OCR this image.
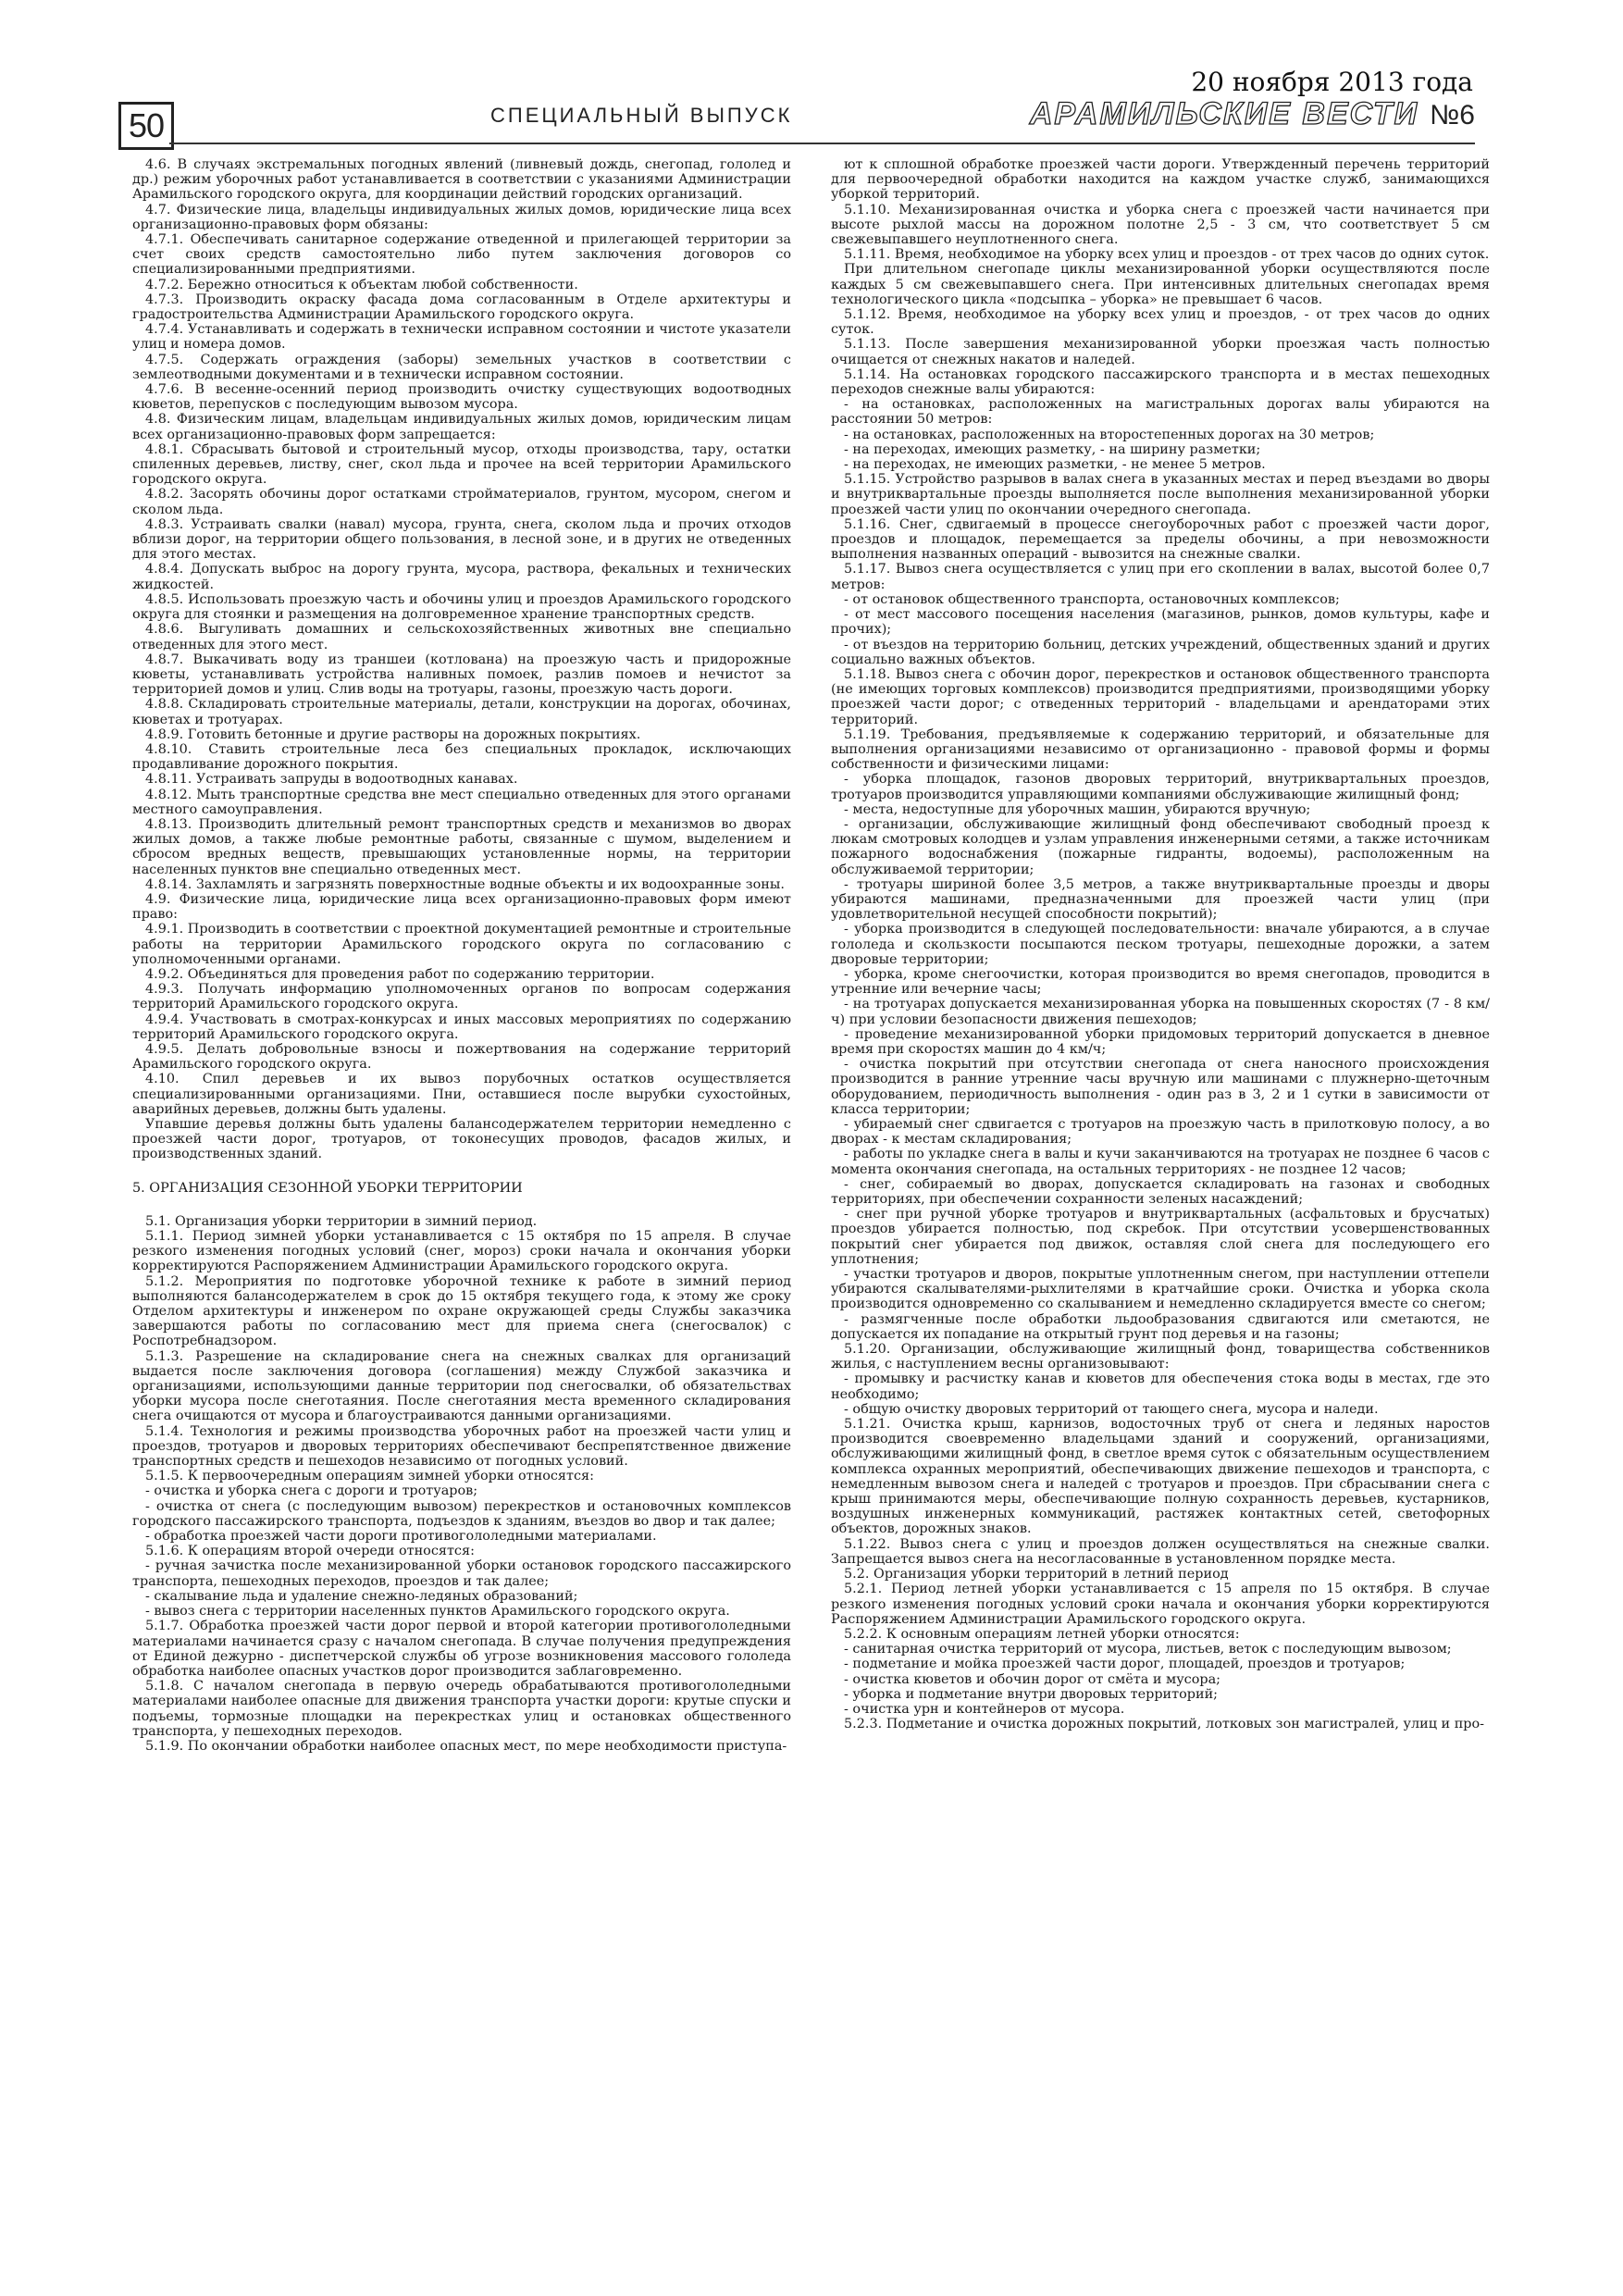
50	СПЕЦИАЛЬНЫЙ ВЫПУСК
20 ноября 2013 года
АРАМИЛЬСКИЕ ВЕСТИ №6

4.6. В случаях экстремальных погодных явлений (ливневый дождь, снегопад, гололед и др.) режим уборочных работ устанавливается в соответствии с указаниями Администрации Арамильского городского округа, для координации действий городских организаций.

4.7. Физические лица, владельцы индивидуальных жилых домов, юридические лица всех организационно-правовых форм обязаны:

4.7.1. Обеспечивать санитарное содержание отведенной и прилегающей территории за счет своих средств самостоятельно либо путем заключения договоров со специализированными предприятиями.

4.7.2. Бережно относиться к объектам любой собственности.

4.7.3. Производить окраску фасада дома согласованным в Отделе архитектуры и градостроительства Администрации Арамильского городского округа.

4.7.4. Устанавливать и содержать в технически исправном состоянии и чистоте указатели улиц и номера домов.

4.7.5. Содержать ограждения (заборы) земельных участков в соответствии с землеотводными документами и в технически исправном состоянии.

4.7.6. В весенне-осенний период производить очистку существующих водоотводных кюветов, перепусков с последующим вывозом мусора.

4.8. Физическим лицам, владельцам индивидуальных жилых домов, юридическим лицам всех организационно-правовых форм запрещается:

4.8.1. Сбрасывать бытовой и строительный мусор, отходы производства, тару, остатки спиленных деревьев, листву, снег, скол льда и прочее на всей территории Арамильского городского округа.

4.8.2. Засорять обочины дорог остатками стройматериалов, грунтом, мусором, снегом и сколом льда.

4.8.3. Устраивать свалки (навал) мусора, грунта, снега, сколом льда и прочих отходов вблизи дорог, на территории общего пользования, в лесной зоне, и в других не отведенных для этого местах.

4.8.4. Допускать выброс на дорогу грунта, мусора, раствора, фекальных и технических жидкостей.

4.8.5. Использовать проезжую часть и обочины улиц и проездов Арамильского городского округа для стоянки и размещения на долговременное хранение транспортных средств.

4.8.6. Выгуливать домашних и сельскохозяйственных животных вне специально отведенных для этого мест.

4.8.7. Выкачивать воду из траншеи (котлована) на проезжую часть и придорожные кюветы, устанавливать устройства наливных помоек, разлив помоев и нечистот за территорией домов и улиц. Слив воды на тротуары, газоны, проезжую часть дороги.

4.8.8. Складировать строительные материалы, детали, конструкции на дорогах, обочинах, кюветах и тротуарах.

4.8.9. Готовить бетонные и другие растворы на дорожных покрытиях.

4.8.10. Ставить строительные леса без специальных прокладок, исключающих продавливание дорожного покрытия.

4.8.11. Устраивать запруды в водоотводных канавах.

4.8.12. Мыть транспортные средства вне мест специально отведенных для этого органами местного самоуправления.

4.8.13. Производить длительный ремонт транспортных средств и механизмов во дворах жилых домов, а также любые ремонтные работы, связанные с шумом, выделением и сбросом вредных веществ, превышающих установленные нормы, на территории населенных пунктов вне специально отведенных мест.

4.8.14. Захламлять и загрязнять поверхностные водные объекты и их водоохранные зоны.

4.9. Физические лица, юридические лица всех организационно-правовых форм имеют право:

4.9.1. Производить в соответствии с проектной документацией ремонтные и строительные работы на территории Арамильского городского округа по согласованию с уполномоченными органами.

4.9.2. Объединяться для проведения работ по содержанию территории.

4.9.3. Получать информацию уполномоченных органов по вопросам содержания территорий Арамильского городского округа.

4.9.4. Участвовать в смотрах-конкурсах и иных массовых мероприятиях по содержанию территорий Арамильского городского округа.

4.9.5. Делать добровольные взносы и пожертвования на содержание территорий Арамильского городского округа.

4.10. Спил деревьев и их вывоз порубочных остатков осуществляется специализированными организациями. Пни, оставшиеся после вырубки сухостойных, аварийных деревьев, должны быть удалены.

Упавшие деревья должны быть удалены балансодержателем территории немедленно с проезжей части дорог, тротуаров, от токонесущих проводов, фасадов жилых, и производственных зданий.

5. ОРГАНИЗАЦИЯ СЕЗОННОЙ УБОРКИ ТЕРРИТОРИИ

5.1. Организация уборки территории в зимний период.

5.1.1. Период зимней уборки устанавливается с 15 октября по 15 апреля. В случае резкого изменения погодных условий (снег, мороз) сроки начала и окончания уборки корректируются Распоряжением Администрации Арамильского городского округа.

5.1.2. Мероприятия по подготовке уборочной технике к работе в зимний период выполняются балансодержателем в срок до 15 октября текущего года, к этому же сроку Отделом архитектуры и инженером по охране окружающей среды Службы заказчика завершаются работы по согласованию мест для приема снега (снегосвалок) с Роспотребнадзором.

5.1.3. Разрешение на складирование снега на снежных свалках для организаций выдается после заключения договора (соглашения) между Службой заказчика и организациями, использующими данные территории под снегосвалки, об обязательствах уборки мусора после снеготаяния. После снеготаяния места временного складирования снега очищаются от мусора и благоустраиваются данными организациями.

5.1.4. Технология и режимы производства уборочных работ на проезжей части улиц и проездов, тротуаров и дворовых территориях обеспечивают беспрепятственное движение транспортных средств и пешеходов независимо от погодных условий.

5.1.5. К первоочередным операциям зимней уборки относятся:

- очистка и уборка снега с дороги и тротуаров;

- очистка от снега (с последующим вывозом) перекрестков и остановочных комплексов городского пассажирского транспорта, подъездов к зданиям, въездов во двор и так далее;

- обработка проезжей части дороги противогололедными материалами.

5.1.6. К операциям второй очереди относятся:

- ручная зачистка после механизированной уборки остановок городского пассажирского транспорта, пешеходных переходов, проездов и так далее;

- скалывание льда и удаление снежно-ледяных образований;

- вывоз снега с территории населенных пунктов Арамильского городского округа.

5.1.7. Обработка проезжей части дорог первой и второй категории противогололедными материалами начинается сразу с началом снегопада. В случае получения предупреждения от Единой дежурно - диспетчерской службы об угрозе возникновения массового гололеда обработка наиболее опасных участков дорог производится заблаговременно.

5.1.8. С началом снегопада в первую очередь обрабатываются противогололедными материалами наиболее опасные для движения транспорта участки дороги: крутые спуски и подъемы, тормозные площадки на перекрестках улиц и остановках общественного транспорта, у пешеходных переходов.

5.1.9. По окончании обработки наиболее опасных мест, по мере необходимости приступа-

ют к сплошной обработке проезжей части дороги. Утвержденный перечень территорий для первоочередной обработки находится на каждом участке служб, занимающихся уборкой территорий.

5.1.10. Механизированная очистка и уборка снега с проезжей части начинается при высоте рыхлой массы на дорожном полотне 2,5 - 3 см, что соответствует 5 см свежевыпавшего неуплотненного снега.

5.1.11. Время, необходимое на уборку всех улиц и проездов - от трех часов до одних суток.

При длительном снегопаде циклы механизированной уборки осуществляются после каждых 5 см свежевыпавшего снега. При интенсивных длительных снегопадах время технологического цикла «подсыпка – уборка» не превышает 6 часов.

5.1.12. Время, необходимое на уборку всех улиц и проездов, - от трех часов до одних суток.

5.1.13. После завершения механизированной уборки проезжая часть полностью очищается от снежных накатов и наледей.

5.1.14. На остановках городского пассажирского транспорта и в местах пешеходных переходов снежные валы убираются:

- на остановках, расположенных на магистральных дорогах валы убираются на расстоянии 50 метров:

- на остановках, расположенных на второстепенных дорогах на 30 метров;

- на переходах, имеющих разметку, - на ширину разметки;

- на переходах, не имеющих разметки, - не менее 5 метров.

5.1.15. Устройство разрывов в валах снега в указанных местах и перед въездами во дворы и внутриквартальные проезды выполняется после выполнения механизированной уборки проезжей части улиц по окончании очередного снегопада.

5.1.16. Снег, сдвигаемый в процессе снегоуборочных работ с проезжей части дорог, проездов и площадок, перемещается за пределы обочины, а при невозможности выполнения названных операций - вывозится на снежные свалки.

5.1.17. Вывоз снега осуществляется с улиц при его скоплении в валах, высотой более 0,7 метров:

- от остановок общественного транспорта, остановочных комплексов;

- от мест массового посещения населения (магазинов, рынков, домов культуры, кафе и прочих);

- от въездов на территорию больниц, детских учреждений, общественных зданий и других социально важных объектов.

5.1.18. Вывоз снега с обочин дорог, перекрестков и остановок общественного транспорта (не имеющих торговых комплексов) производится предприятиями, производящими уборку проезжей части дорог; с отведенных территорий - владельцами и арендаторами этих территорий.

5.1.19. Требования, предъявляемые к содержанию территорий, и обязательные для выполнения организациями независимо от организационно - правовой формы и формы собственности и физическими лицами:

- уборка площадок, газонов дворовых территорий, внутриквартальных проездов, тротуаров производится управляющими компаниями обслуживающие жилищный фонд;

- места, недоступные для уборочных машин, убираются вручную;

- организации, обслуживающие жилищный фонд обеспечивают свободный проезд к люкам смотровых колодцев и узлам управления инженерными сетями, а также источникам пожарного водоснабжения (пожарные гидранты, водоемы), расположенным на обслуживаемой территории;

- тротуары шириной более 3,5 метров, а также внутриквартальные проезды и дворы убираются машинами, предназначенными для проезжей части улиц (при удовлетворительной несущей способности покрытий);

- уборка производится в следующей последовательности: вначале убираются, а в случае гололеда и скользкости посыпаются песком тротуары, пешеходные дорожки, а затем дворовые территории;

- уборка, кроме снегоочистки, которая производится во время снегопадов, проводится в утренние или вечерние часы;

- на тротуарах допускается механизированная уборка на повышенных скоростях (7 - 8 км/ч) при условии безопасности движения пешеходов;

- проведение механизированной уборки придомовых территорий допускается в дневное время при скоростях машин до 4 км/ч;

- очистка покрытий при отсутствии снегопада от снега наносного происхождения производится в ранние утренние часы вручную или машинами с плужнерно-щеточным оборудованием, периодичность выполнения - один раз в 3, 2 и 1 сутки в зависимости от класса территории;

- убираемый снег сдвигается с тротуаров на проезжую часть в прилотковую полосу, а во дворах - к местам складирования;

- работы по укладке снега в валы и кучи заканчиваются на тротуарах не позднее 6 часов с момента окончания снегопада, на остальных территориях - не позднее 12 часов;

- снег, собираемый во дворах, допускается складировать на газонах и свободных территориях, при обеспечении сохранности зеленых насаждений;

- снег при ручной уборке тротуаров и внутриквартальных (асфальтовых и брусчатых) проездов убирается полностью, под скребок. При отсутствии усовершенствованных покрытий снег убирается под движок, оставляя слой снега для последующего его уплотнения;

- участки тротуаров и дворов, покрытые уплотненным снегом, при наступлении оттепели убираются скалывателями-рыхлителями в кратчайшие сроки. Очистка и уборка скола производится одновременно со скалыванием и немедленно складируется вместе со снегом;

- размягченные после обработки льдообразования сдвигаются или сметаются, не допускается их попадание на открытый грунт под деревья и на газоны;

5.1.20. Организации, обслуживающие жилищный фонд, товарищества собственников жилья, с наступлением весны организовывают:

- промывку и расчистку канав и кюветов для обеспечения стока воды в местах, где это необходимо;

- общую очистку дворовых территорий от тающего снега, мусора и наледи.

5.1.21. Очистка крыш, карнизов, водосточных труб от снега и ледяных наростов производится своевременно владельцами зданий и сооружений, организациями, обслуживающими жилищный фонд, в светлое время суток с обязательным осуществлением комплекса охранных мероприятий, обеспечивающих движение пешеходов и транспорта, с немедленным вывозом снега и наледей с тротуаров и проездов. При сбрасывании снега с крыш принимаются меры, обеспечивающие полную сохранность деревьев, кустарников, воздушных инженерных коммуникаций, растяжек контактных сетей, светофорных объектов, дорожных знаков.

5.1.22. Вывоз снега с улиц и проездов должен осуществляться на снежные свалки. Запрещается вывоз снега на несогласованные в установленном порядке места.

5.2. Организация уборки территорий в летний период

5.2.1. Период летней уборки устанавливается с 15 апреля по 15 октября. В случае резкого изменения погодных условий сроки начала и окончания уборки корректируются Распоряжением Администрации Арамильского городского округа.

5.2.2. К основным операциям летней уборки относятся:

- санитарная очистка территорий от мусора, листьев, веток с последующим вывозом;

- подметание и мойка проезжей части дорог, площадей, проездов и тротуаров;

- очистка кюветов и обочин дорог от смёта и мусора;

- уборка и подметание внутри дворовых территорий;

- очистка урн и контейнеров от мусора.

5.2.3. Подметание и очистка дорожных покрытий, лотковых зон магистралей, улиц и про-
